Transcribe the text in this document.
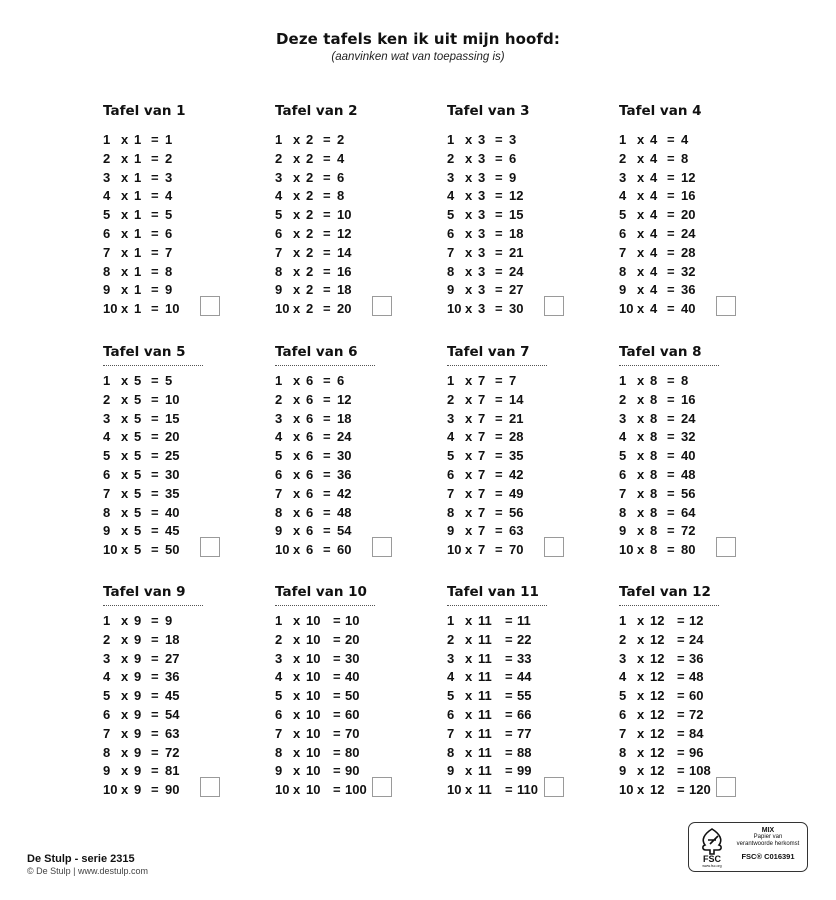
Deze tafels ken ik uit mijn hoofd:
(aanvinken wat van toepassing is)
Tafel van 1
1 x 1 = 1
2 x 1 = 2
3 x 1 = 3
4 x 1 = 4
5 x 1 = 5
6 x 1 = 6
7 x 1 = 7
8 x 1 = 8
9 x 1 = 9
10 x 1 = 10
Tafel van 2
1 x 2 = 2
2 x 2 = 4
3 x 2 = 6
4 x 2 = 8
5 x 2 = 10
6 x 2 = 12
7 x 2 = 14
8 x 2 = 16
9 x 2 = 18
10 x 2 = 20
Tafel van 3
1 x 3 = 3
2 x 3 = 6
3 x 3 = 9
4 x 3 = 12
5 x 3 = 15
6 x 3 = 18
7 x 3 = 21
8 x 3 = 24
9 x 3 = 27
10 x 3 = 30
Tafel van 4
1 x 4 = 4
2 x 4 = 8
3 x 4 = 12
4 x 4 = 16
5 x 4 = 20
6 x 4 = 24
7 x 4 = 28
8 x 4 = 32
9 x 4 = 36
10 x 4 = 40
Tafel van 5
1 x 5 = 5
2 x 5 = 10
3 x 5 = 15
4 x 5 = 20
5 x 5 = 25
6 x 5 = 30
7 x 5 = 35
8 x 5 = 40
9 x 5 = 45
10 x 5 = 50
Tafel van 6
1 x 6 = 6
2 x 6 = 12
3 x 6 = 18
4 x 6 = 24
5 x 6 = 30
6 x 6 = 36
7 x 6 = 42
8 x 6 = 48
9 x 6 = 54
10 x 6 = 60
Tafel van 7
1 x 7 = 7
2 x 7 = 14
3 x 7 = 21
4 x 7 = 28
5 x 7 = 35
6 x 7 = 42
7 x 7 = 49
8 x 7 = 56
9 x 7 = 63
10 x 7 = 70
Tafel van 8
1 x 8 = 8
2 x 8 = 16
3 x 8 = 24
4 x 8 = 32
5 x 8 = 40
6 x 8 = 48
7 x 8 = 56
8 x 8 = 64
9 x 8 = 72
10 x 8 = 80
Tafel van 9
1 x 9 = 9
2 x 9 = 18
3 x 9 = 27
4 x 9 = 36
5 x 9 = 45
6 x 9 = 54
7 x 9 = 63
8 x 9 = 72
9 x 9 = 81
10 x 9 = 90
Tafel van 10
1 x 10 = 10
2 x 10 = 20
3 x 10 = 30
4 x 10 = 40
5 x 10 = 50
6 x 10 = 60
7 x 10 = 70
8 x 10 = 80
9 x 10 = 90
10 x 10 = 100
Tafel van 11
1 x 11 = 11
2 x 11 = 22
3 x 11 = 33
4 x 11 = 44
5 x 11 = 55
6 x 11 = 66
7 x 11 = 77
8 x 11 = 88
9 x 11 = 99
10 x 11 = 110
Tafel van 12
1 x 12 = 12
2 x 12 = 24
3 x 12 = 36
4 x 12 = 48
5 x 12 = 60
6 x 12 = 72
7 x 12 = 84
8 x 12 = 96
9 x 12 = 108
10 x 12 = 120
De Stulp - serie 2315
© De Stulp | www.destulp.com
FSC
www.fsc.org
MIX
Papier van
verantwoorde herkomst
FSC® C016391
